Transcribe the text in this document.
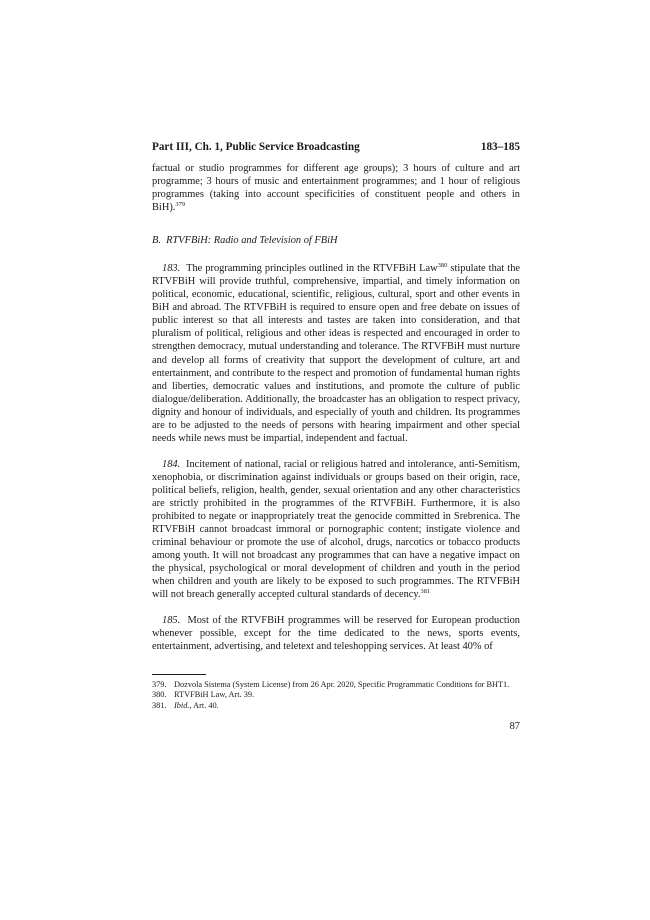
Part III, Ch. 1, Public Service Broadcasting	183–185

factual or studio programmes for different age groups); 3 hours of culture and art programme; 3 hours of music and entertainment programmes; and 1 hour of religious programmes (taking into account specificities of constituent people and others in BiH).$^{379}$

B. RTVFBiH: Radio and Television of FBiH

183. The programming principles outlined in the RTVFBiH Law$^{380}$ stipulate that the RTVFBiH will provide truthful, comprehensive, impartial, and timely information on political, economic, educational, scientific, religious, cultural, sport and other events in BiH and abroad. The RTVFBiH is required to ensure open and free debate on issues of public interest so that all interests and tastes are taken into consideration, and that pluralism of political, religious and other ideas is respected and encouraged in order to strengthen democracy, mutual understanding and tolerance. The RTVFBiH must nurture and develop all forms of creativity that support the development of culture, art and entertainment, and contribute to the respect and promotion of fundamental human rights and liberties, democratic values and institutions, and promote the culture of public dialogue/deliberation. Additionally, the broadcaster has an obligation to respect privacy, dignity and honour of individuals, and especially of youth and children. Its programmes are to be adjusted to the needs of persons with hearing impairment and other special needs while news must be impartial, independent and factual.

184. Incitement of national, racial or religious hatred and intolerance, anti-Semitism, xenophobia, or discrimination against individuals or groups based on their origin, race, political beliefs, religion, health, gender, sexual orientation and any other characteristics are strictly prohibited in the programmes of the RTVFBiH. Furthermore, it is also prohibited to negate or inappropriately treat the genocide committed in Srebrenica. The RTVFBiH cannot broadcast immoral or pornographic content; instigate violence and criminal behaviour or promote the use of alcohol, drugs, narcotics or tobacco products among youth. It will not broadcast any programmes that can have a negative impact on the physical, psychological or moral development of children and youth in the period when children and youth are likely to be exposed to such programmes. The RTVFBiH will not breach generally accepted cultural standards of decency.$^{381}$

185. Most of the RTVFBiH programmes will be reserved for European production whenever possible, except for the time dedicated to the news, sports events, entertainment, advertising, and teletext and teleshopping services. At least 40% of

379. Dozvola Sistema (System License) from 26 Apr. 2020, Specific Programmatic Conditions for BHT1.
380. RTVFBiH Law, Art. 39.
381. Ibid., Art. 40.
87
